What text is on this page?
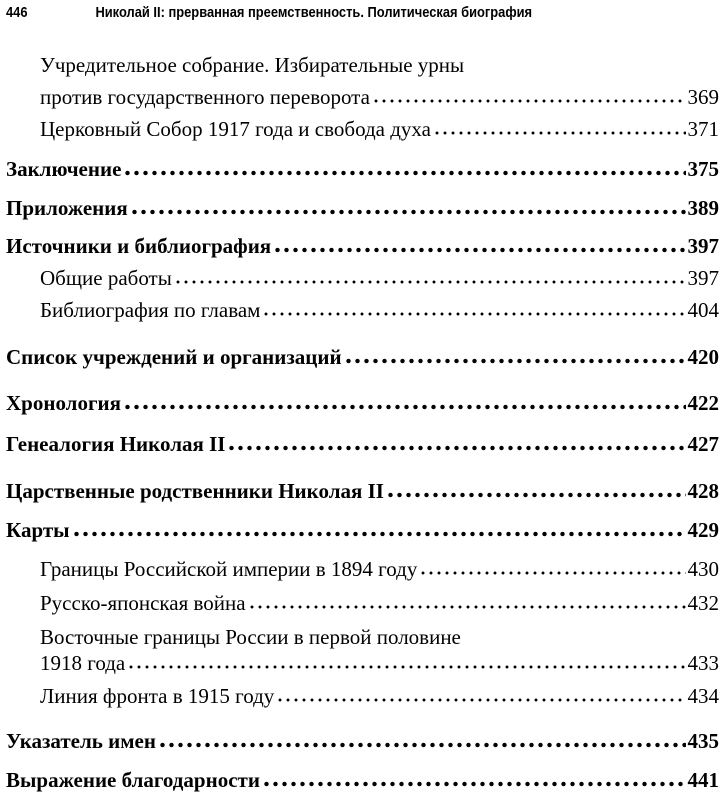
446	Николай II: прерванная преемственность. Политическая биография
Учредительное собрание. Избирательные урны
против государственного переворота	369
Церковный Собор 1917 года и свобода духа	371
Заключение	375
Приложения	389
Источники и библиография	397
Общие работы	397
Библиография по главам	404
Список учреждений и организаций	420
Хронология	422
Генеалогия Николая II	427
Царственные родственники Николая II	428
Карты	429
Границы Российской империи в 1894 году	430
Русско-японская война	432
Восточные границы России в первой половине
1918 года	433
Линия фронта в 1915 году	434
Указатель имен	435
Выражение благодарности	441
